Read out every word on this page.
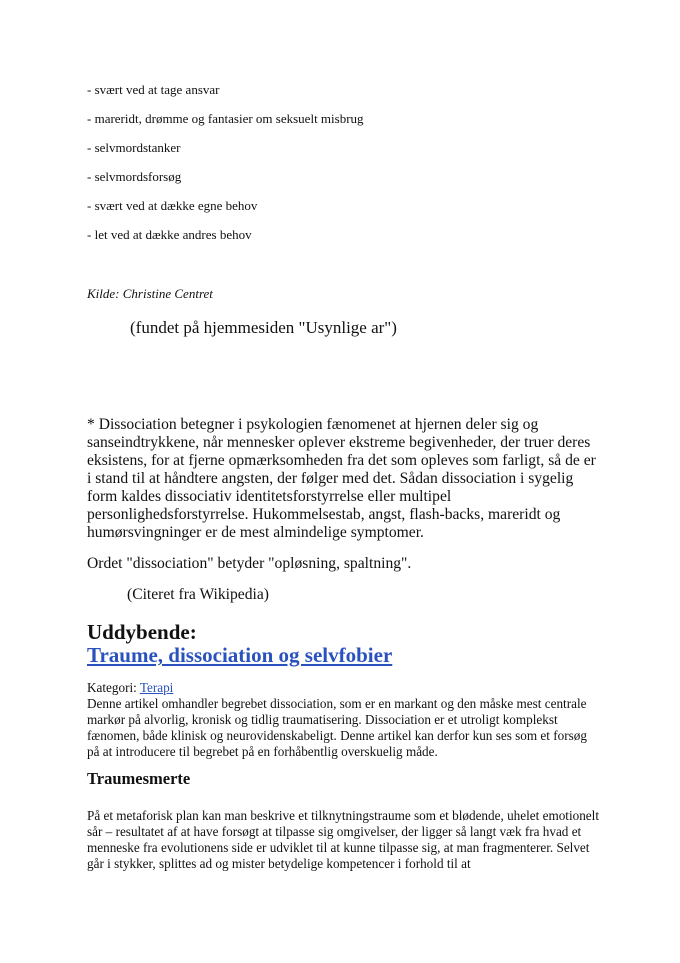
- svært ved at tage ansvar

- mareridt, drømme og fantasier om seksuelt misbrug

- selvmordstanker

- selvmordsforsøg

- svært ved at dække egne behov

- let ved at dække andres behov

Kilde: Christine Centret

(fundet på hjemmesiden "Usynlige ar")

* Dissociation betegner i psykologien fænomenet at hjernen deler sig og sanseindtrykkene, når mennesker oplever ekstreme begivenheder, der truer deres eksistens, for at fjerne opmærksomheden fra det som opleves som farligt, så de er i stand til at håndtere angsten, der følger med det. Sådan dissociation i sygelig form kaldes dissociativ identitetsforstyrrelse eller multipel personlighedsforstyrrelse. Hukommelsestab, angst, flash-backs, mareridt og humørsvingninger er de mest almindelige symptomer.

Ordet "dissociation" betyder "opløsning, spaltning".

(Citeret fra Wikipedia)

Uddybende:
Traume, dissociation og selvfobier

Kategori: Terapi

Denne artikel omhandler begrebet dissociation, som er en markant og den måske mest centrale markør på alvorlig, kronisk og tidlig traumatisering. Dissociation er et utroligt komplekst fænomen, både klinisk og neurovidenskabeligt. Denne artikel kan derfor kun ses som et forsøg på at introducere til begrebet på en forhåbentlig overskuelig måde.

Traumesmerte

På et metaforisk plan kan man beskrive et tilknytningstraume som et blødende, uhelet emotionelt sår – resultatet af at have forsøgt at tilpasse sig omgivelser, der ligger så langt væk fra hvad et menneske fra evolutionens side er udviklet til at kunne tilpasse sig, at man fragmenterer. Selvet går i stykker, splittes ad og mister betydelige kompetencer i forhold til at
